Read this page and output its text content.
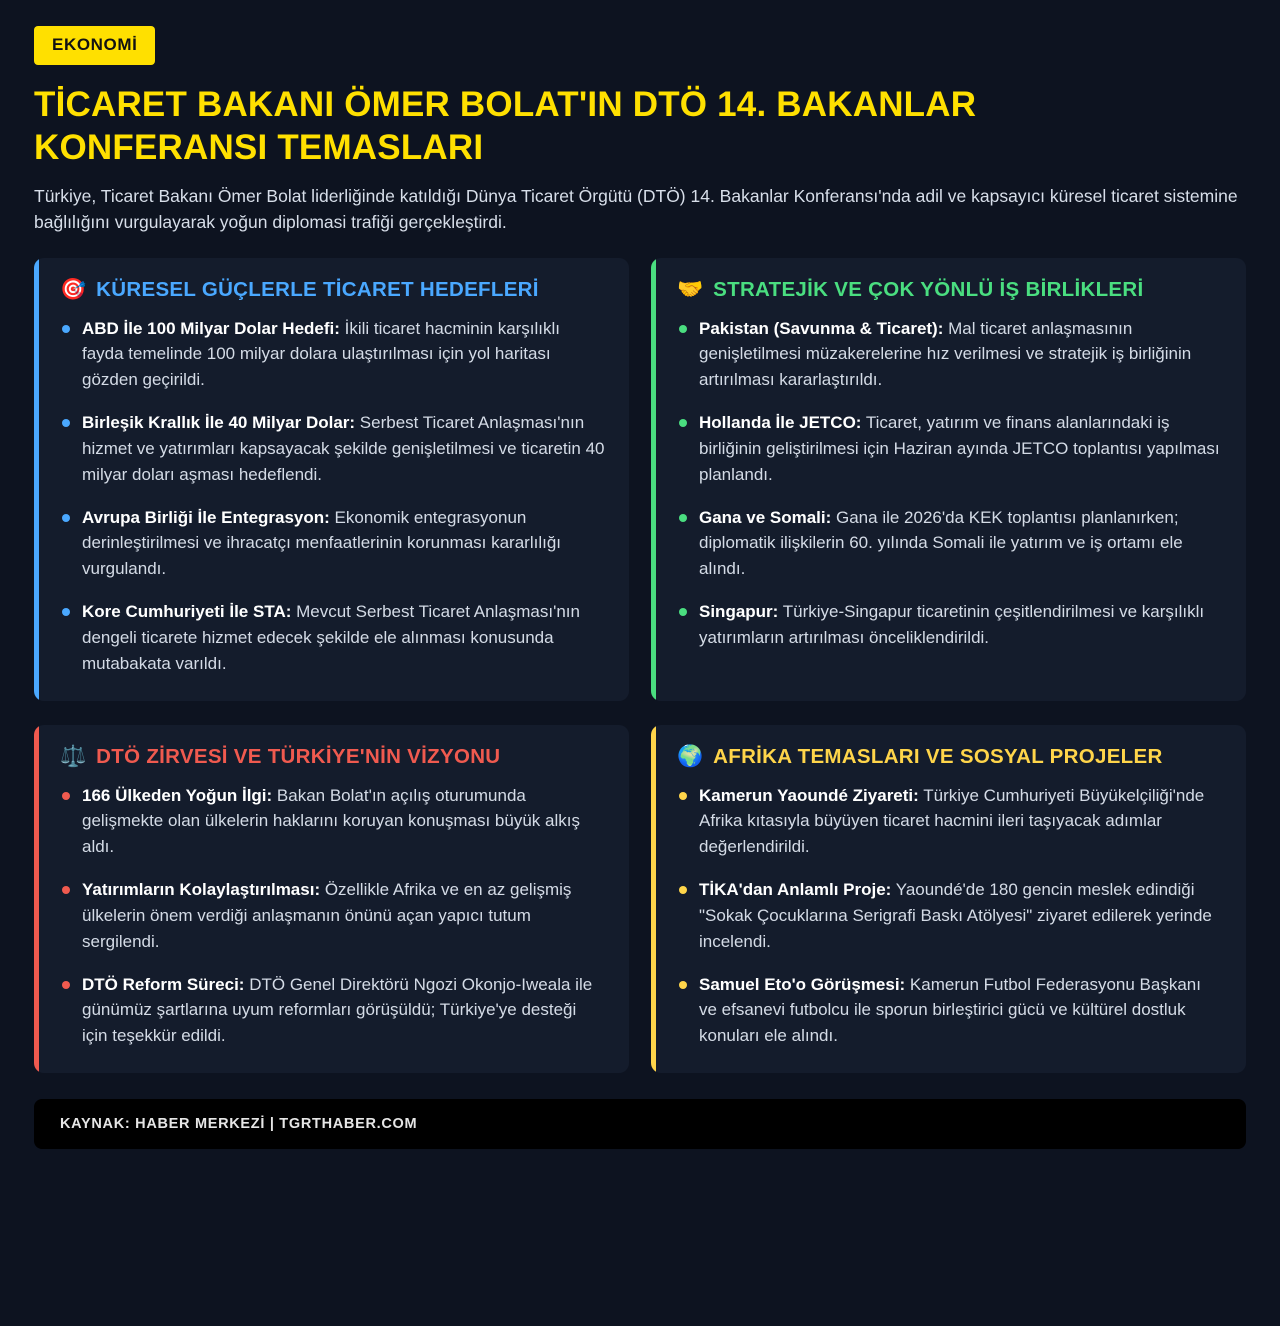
EKONOMİ
TİCARET BAKANI ÖMER BOLAT'IN DTÖ 14. BAKANLAR KONFERANSI TEMASLARI

Türkiye, Ticaret Bakanı Ömer Bolat liderliğinde katıldığı Dünya Ticaret Örgütü (DTÖ) 14. Bakanlar Konferansı'nda adil ve kapsayıcı küresel ticaret sistemine bağlılığını vurgulayarak yoğun diplomasi trafiği gerçekleştirdi.

🎯 KÜRESEL GÜÇLERLE TİCARET HEDEFLERİ
ABD İle 100 Milyar Dolar Hedefi: İkili ticaret hacminin karşılıklı fayda temelinde 100 milyar dolara ulaştırılması için yol haritası gözden geçirildi.
Birleşik Krallık İle 40 Milyar Dolar: Serbest Ticaret Anlaşması'nın hizmet ve yatırımları kapsayacak şekilde genişletilmesi ve ticaretin 40 milyar doları aşması hedeflendi.
Avrupa Birliği İle Entegrasyon: Ekonomik entegrasyonun derinleştirilmesi ve ihracatçı menfaatlerinin korunması kararlılığı vurgulandı.
Kore Cumhuriyeti İle STA: Mevcut Serbest Ticaret Anlaşması'nın dengeli ticarete hizmet edecek şekilde ele alınması konusunda mutabakata varıldı.
🤝 STRATEJİK VE ÇOK YÖNLÜ İŞ BİRLİKLERİ
Pakistan (Savunma & Ticaret): Mal ticaret anlaşmasının genişletilmesi müzakerelerine hız verilmesi ve stratejik iş birliğinin artırılması kararlaştırıldı.
Hollanda İle JETCO: Ticaret, yatırım ve finans alanlarındaki iş birliğinin geliştirilmesi için Haziran ayında JETCO toplantısı yapılması planlandı.
Gana ve Somali: Gana ile 2026'da KEK toplantısı planlanırken; diplomatik ilişkilerin 60. yılında Somali ile yatırım ve iş ortamı ele alındı.
Singapur: Türkiye-Singapur ticaretinin çeşitlendirilmesi ve karşılıklı yatırımların artırılması önceliklendirildi.
⚖️ DTÖ ZİRVESİ VE TÜRKİYE'NİN VİZYONU
166 Ülkeden Yoğun İlgi: Bakan Bolat'ın açılış oturumunda gelişmekte olan ülkelerin haklarını koruyan konuşması büyük alkış aldı.
Yatırımların Kolaylaştırılması: Özellikle Afrika ve en az gelişmiş ülkelerin önem verdiği anlaşmanın önünü açan yapıcı tutum sergilendi.
DTÖ Reform Süreci: DTÖ Genel Direktörü Ngozi Okonjo-Iweala ile günümüz şartlarına uyum reformları görüşüldü; Türkiye'ye desteği için teşekkür edildi.
🌍 AFRİKA TEMASLARI VE SOSYAL PROJELER
Kamerun Yaoundé Ziyareti: Türkiye Cumhuriyeti Büyükelçiliği'nde Afrika kıtasıyla büyüyen ticaret hacmini ileri taşıyacak adımlar değerlendirildi.
TİKA'dan Anlamlı Proje: Yaoundé'de 180 gencin meslek edindiği "Sokak Çocuklarına Serigrafi Baskı Atölyesi" ziyaret edilerek yerinde incelendi.
Samuel Eto'o Görüşmesi: Kamerun Futbol Federasyonu Başkanı ve efsanevi futbolcu ile sporun birleştirici gücü ve kültürel dostluk konuları ele alındı.
KAYNAK: HABER MERKEZİ | TGRTHABER.COM
